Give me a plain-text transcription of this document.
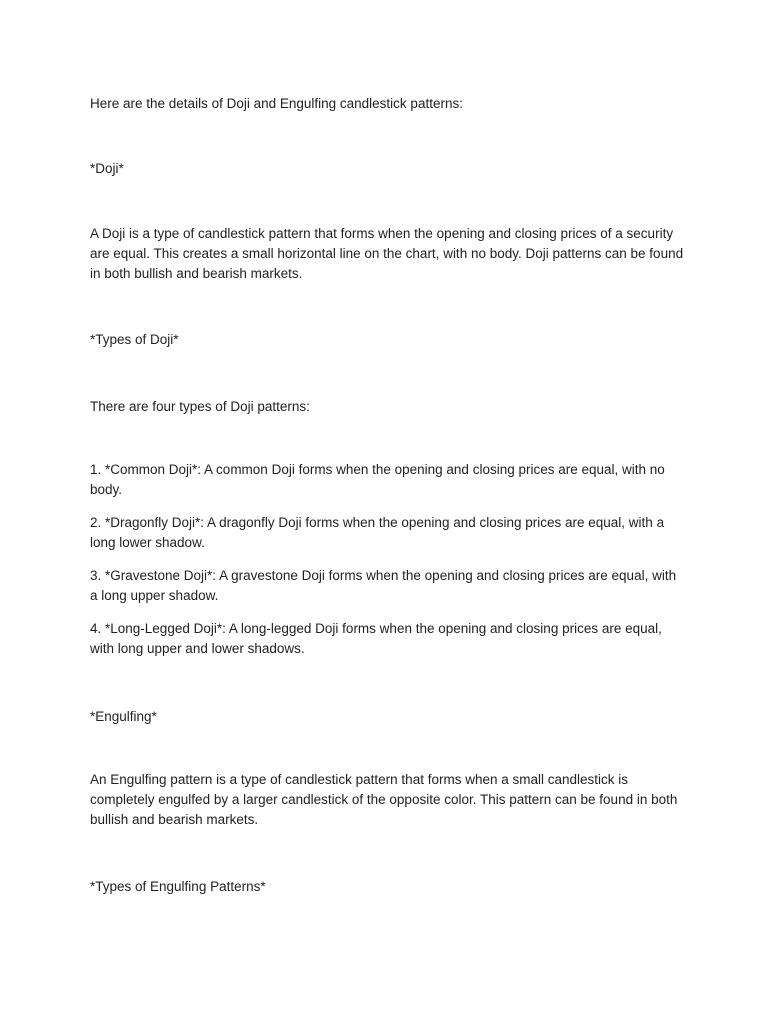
Here are the details of Doji and Engulfing candlestick patterns:

*Doji*

A Doji is a type of candlestick pattern that forms when the opening and closing prices of a security are equal. This creates a small horizontal line on the chart, with no body. Doji patterns can be found in both bullish and bearish markets.

*Types of Doji*

There are four types of Doji patterns:

1. *Common Doji*: A common Doji forms when the opening and closing prices are equal, with no body.
2. *Dragonfly Doji*: A dragonfly Doji forms when the opening and closing prices are equal, with a long lower shadow.
3. *Gravestone Doji*: A gravestone Doji forms when the opening and closing prices are equal, with a long upper shadow.
4. *Long-Legged Doji*: A long-legged Doji forms when the opening and closing prices are equal, with long upper and lower shadows.

*Engulfing*

An Engulfing pattern is a type of candlestick pattern that forms when a small candlestick is completely engulfed by a larger candlestick of the opposite color. This pattern can be found in both bullish and bearish markets.

*Types of Engulfing Patterns*
